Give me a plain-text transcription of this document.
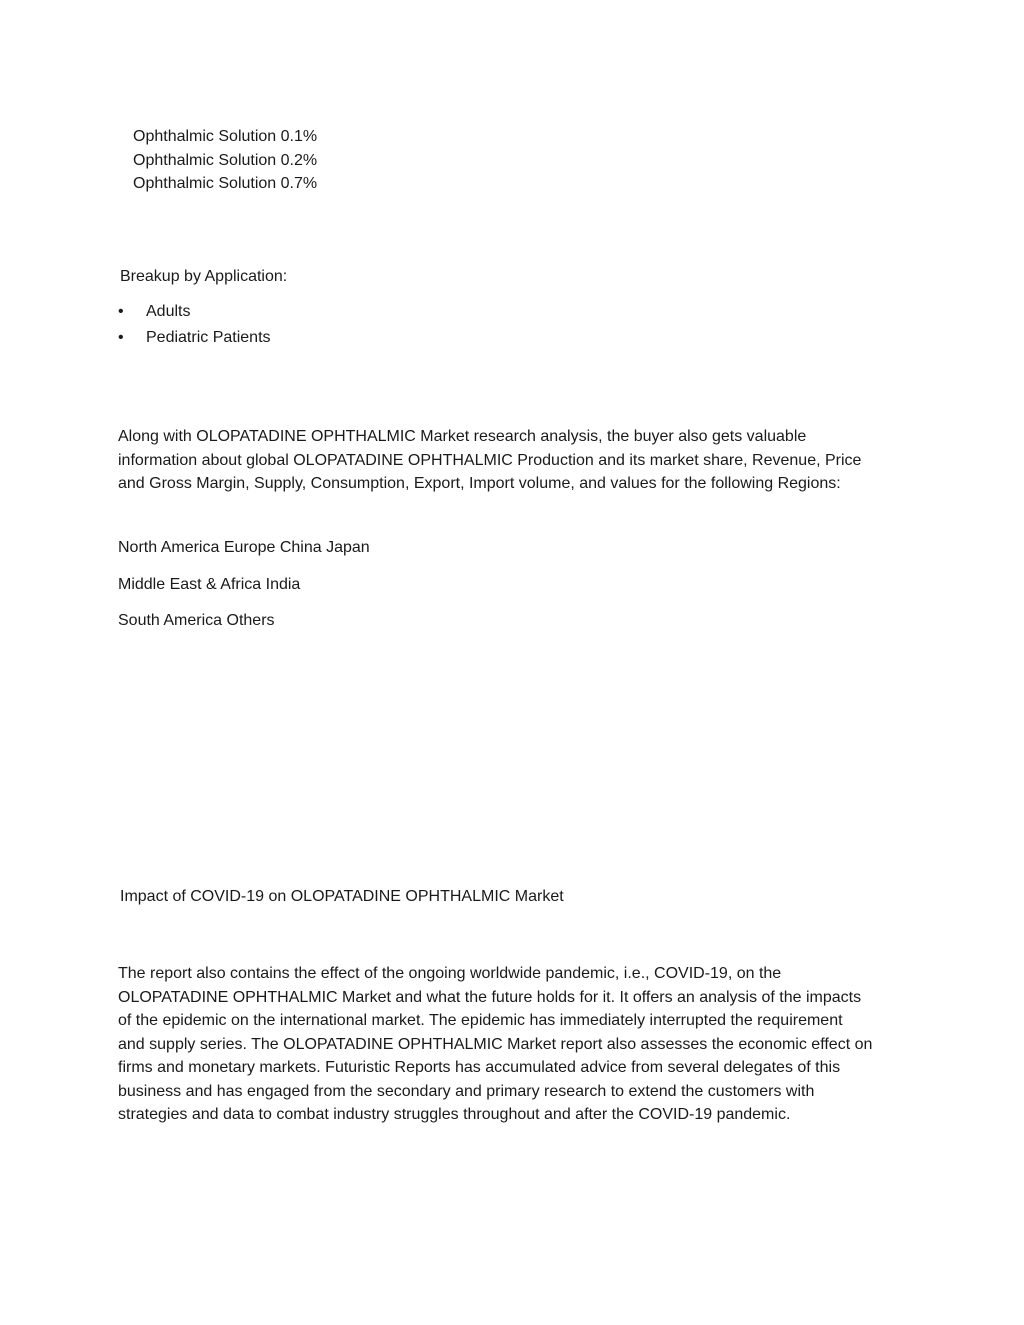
Ophthalmic Solution 0.1%
Ophthalmic Solution 0.2%
Ophthalmic Solution 0.7%
Breakup by Application:
• Adults
• Pediatric Patients

Along with OLOPATADINE OPHTHALMIC Market research analysis, the buyer also gets valuable
information about global OLOPATADINE OPHTHALMIC Production and its market share, Revenue, Price
and Gross Margin, Supply, Consumption, Export, Import volume, and values for the following Regions:

North America Europe China Japan
Middle East & Africa India
South America Others
Impact of COVID-19 on OLOPATADINE OPHTHALMIC Market

The report also contains the effect of the ongoing worldwide pandemic, i.e., COVID-19, on the
OLOPATADINE OPHTHALMIC Market and what the future holds for it. It offers an analysis of the impacts
of the epidemic on the international market. The epidemic has immediately interrupted the requirement
and supply series. The OLOPATADINE OPHTHALMIC Market report also assesses the economic effect on
firms and monetary markets. Futuristic Reports has accumulated advice from several delegates of this
business and has engaged from the secondary and primary research to extend the customers with
strategies and data to combat industry struggles throughout and after the COVID-19 pandemic.
